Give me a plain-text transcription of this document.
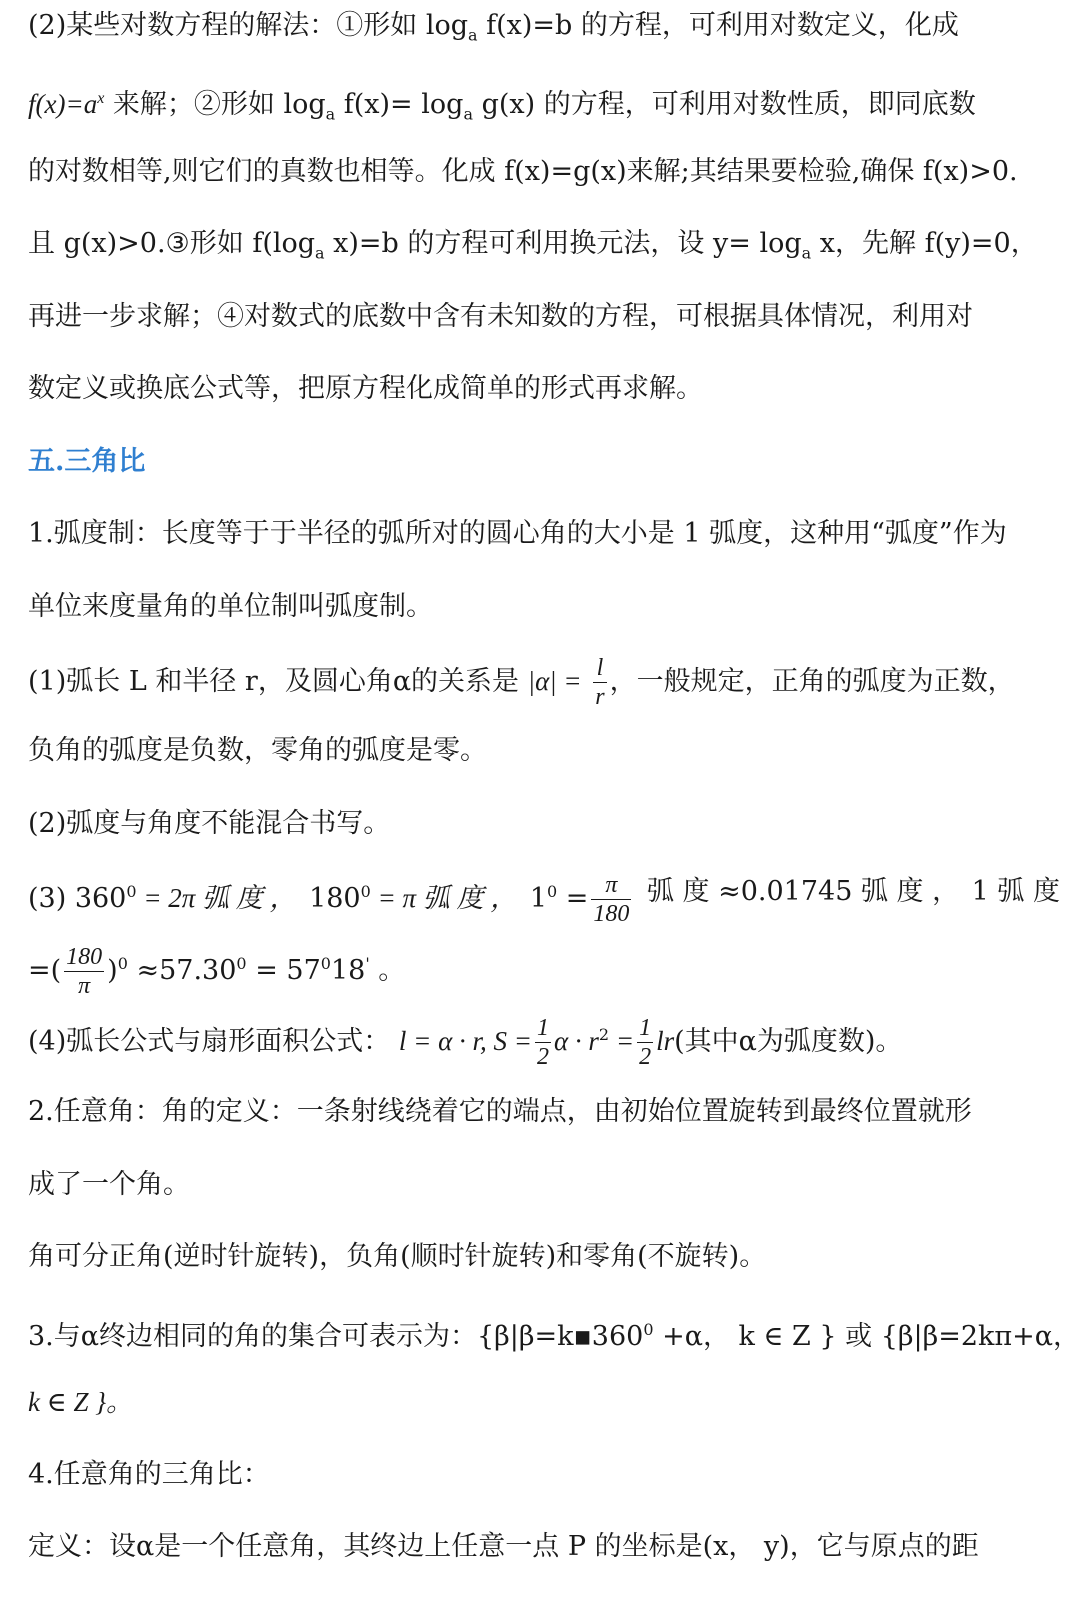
(2)某些对数方程的解法：①形如 $\log_a f(x)=b$ 的方程，可利用对数定义，化成
$f(x)=a^x$ 来解；②形如 $\log_a f(x)= \log_a g(x)$ 的方程，可利用对数性质，即同底数
的对数相等,则它们的真数也相等。化成 f(x)=g(x)来解;其结果要检验,确保 f(x)>0.
且 g(x)>0.③形如 $f(\log_a$ x)=b 的方程可利用换元法，设 $y= \log_a x$，先解 f(y)=0，
再进一步求解；④对数式的底数中含有未知数的方程，可根据具体情况，利用对
数定义或换底公式等，把原方程化成简单的形式再求解。
五.三角比
1.弧度制：长度等于于半径的弧所对的圆心角的大小是 1 弧度，这种用“弧度”作为
单位来度量角的单位制叫弧度制。
(1)弧长 L 和半径 r，及圆心角α的关系是 $|\alpha| = \frac{l}{r}$ ，一般规定，正角的弧度为正数，
负角的弧度是负数，零角的弧度是零。
(2)弧度与角度不能混合书写。
(3) $360^0 = 2\pi$ 弧 度 ， $180^0 = \pi$ 弧 度 ， $1^0 = \frac{\pi}{180}$ 弧 度 ≈0.01745 弧 度 ， 1 弧 度
=( $\frac{180}{\pi} )^0 \approx 57.30^0 = 57^018'$ 。
(4)弧长公式与扇形面积公式： l = α · r, $S = \frac{1}{2}$ $\alpha \cdot r^2 = \frac{1}{2} lr$(其中α为弧度数)。
2.任意角：角的定义：一条射线绕着它的端点，由初始位置旋转到最终位置就形
成了一个角。
角可分正角(逆时针旋转)，负角(顺时针旋转)和零角(不旋转)。
3.与α终边相同的角的集合可表示为：{$\beta|\beta=k▪360^0 +\alpha$， k ∈ Z } 或 {β|β=2kπ+α，
k ∈ Z }。
4.任意角的三角比：
定义：设α是一个任意角，其终边上任意一点 P 的坐标是(x， y)，它与原点的距
